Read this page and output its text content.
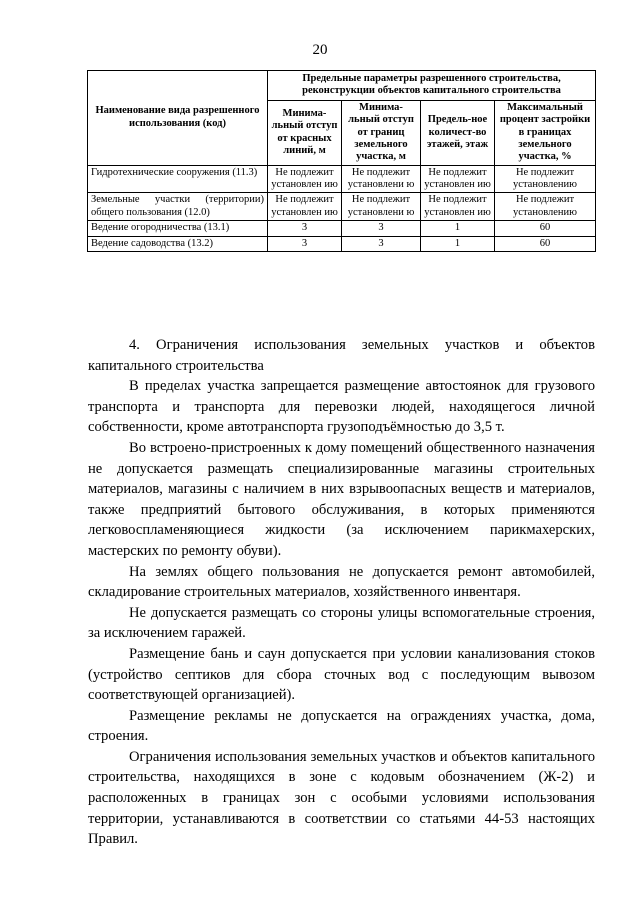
20
Наименование вида разрешенного использования (код)	Предельные параметры разрешенного строительства, реконструкции объектов капитального строительства			
	Минима-льный отступ от красных линий, м	Минима-льный отступ от границ земельного участка, м	Предель-ное количест-во этажей, этаж	Максимальный процент застройки в границах земельного участка, %
Гидротехнические сооружения (11.3)	Не подлежит установлен ию	Не подлежит установлени ю	Не подлежит установлен ию	Не подлежит установлению
Земельные участки (территории) общего пользования (12.0)	Не подлежит установлен ию	Не подлежит установлени ю	Не подлежит установлен ию	Не подлежит установлению
Ведение огородничества (13.1)	3	3	1	60
Ведение садоводства (13.2)	3	3	1	60

4. Ограничения использования земельных участков и объектов капитального строительства

В пределах участка запрещается размещение автостоянок для грузового транспорта и транспорта для перевозки людей, находящегося личной собственности, кроме автотранспорта грузоподъёмностью до 3,5 т.

Во встроено-пристроенных к дому помещений общественного назначения не допускается размещать специализированные магазины строительных материалов, магазины с наличием в них взрывоопасных веществ и материалов, также предприятий бытового обслуживания, в которых применяются легковоспламеняющиеся жидкости (за исключением парикмахерских, мастерских по ремонту обуви).

На землях общего пользования не допускается ремонт автомобилей, складирование строительных материалов, хозяйственного инвентаря.

Не допускается размещать со стороны улицы вспомогательные строения, за исключением гаражей.

Размещение бань и саун допускается при условии канализования стоков (устройство септиков для сбора сточных вод с последующим вывозом соответствующей организацией).

Размещение рекламы не допускается на ограждениях участка, дома, строения.

Ограничения использования земельных участков и объектов капитального строительства, находящихся в зоне с кодовым обозначением (Ж-2) и расположенных в границах зон с особыми условиями использования территории, устанавливаются в соответствии со статьями 44-53 настоящих Правил.
